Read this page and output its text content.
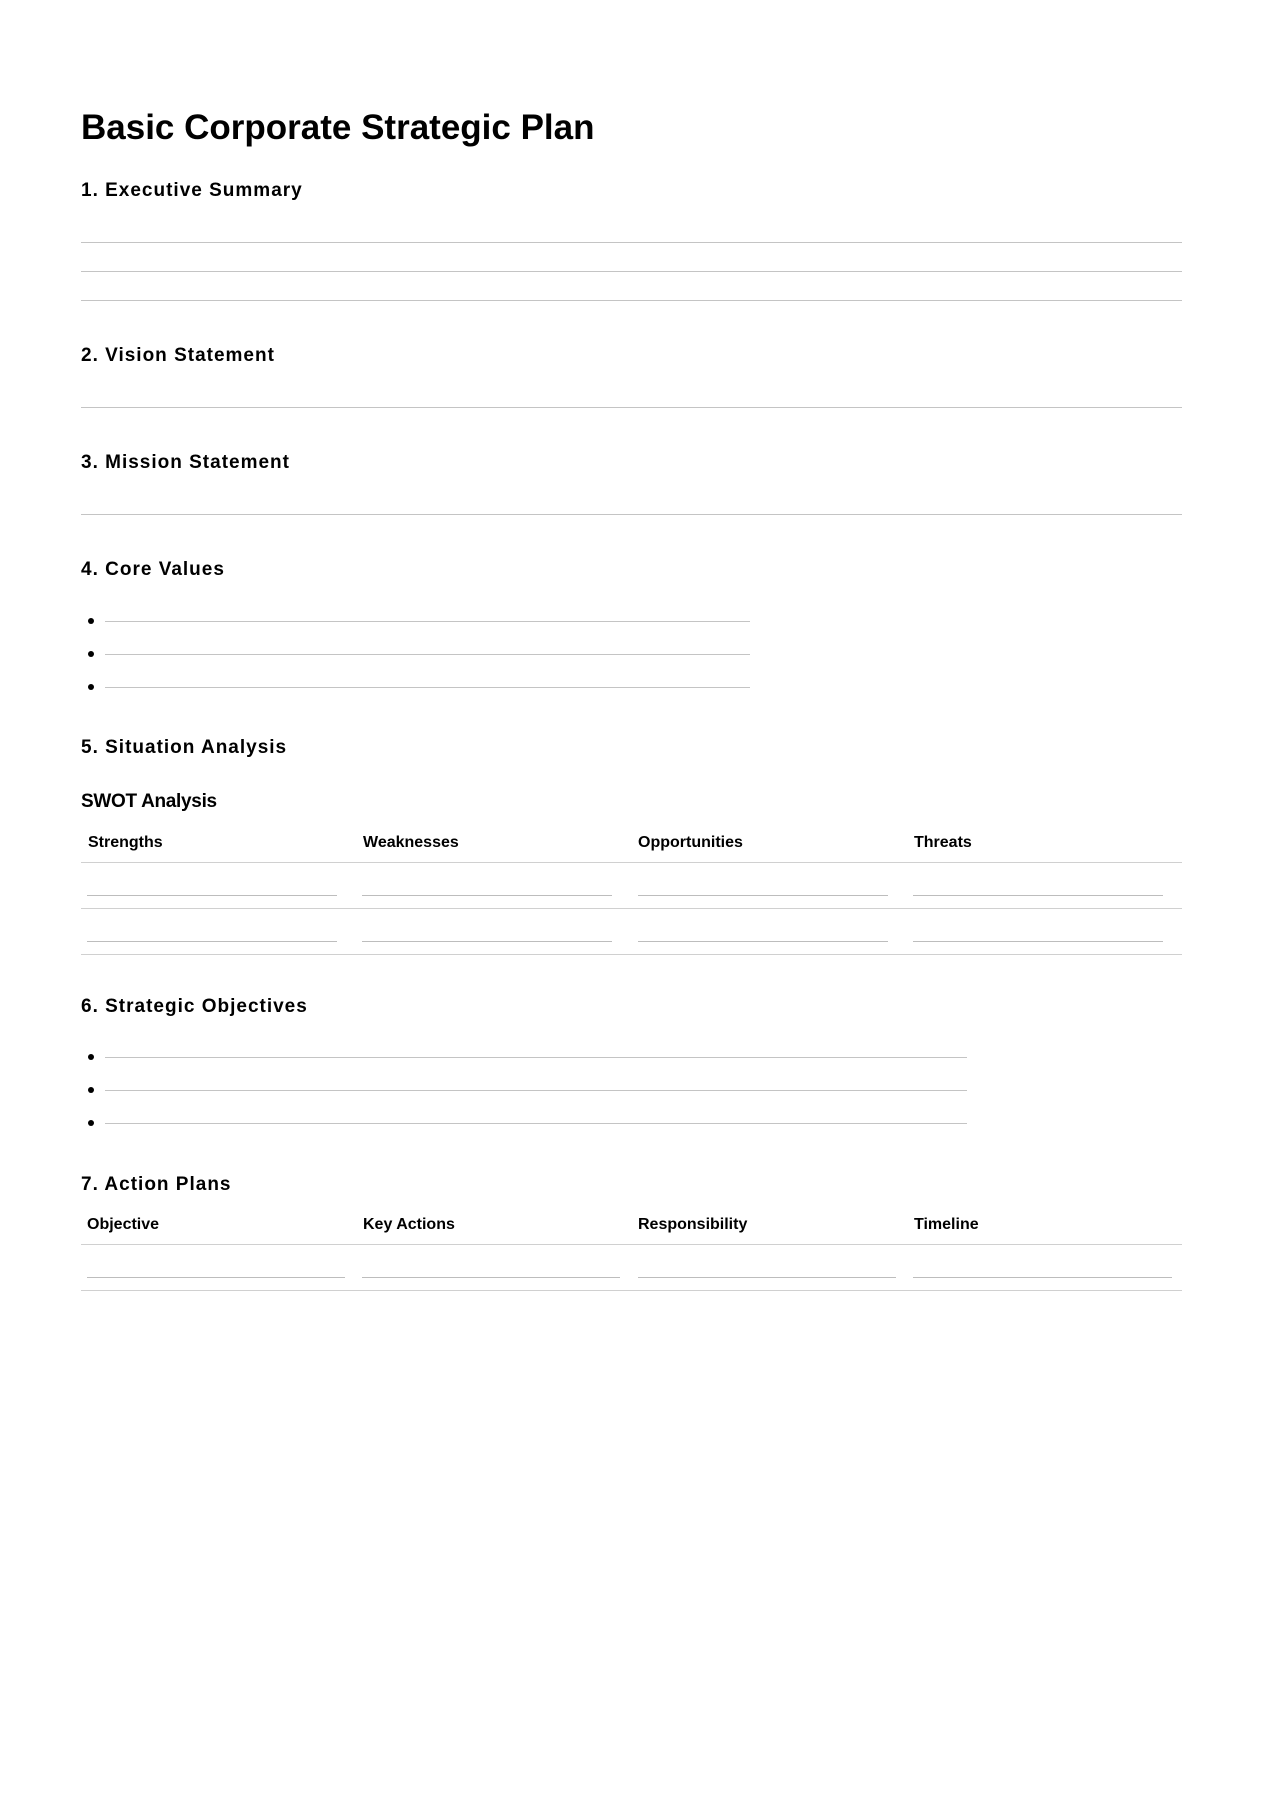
Basic Corporate Strategic Plan
1. Executive Summary
2. Vision Statement
3. Mission Statement
4. Core Values
5. Situation Analysis
SWOT Analysis
Strengths	Weaknesses	Opportunities	Threats
6. Strategic Objectives
7. Action Plans
Objective	Key Actions	Responsibility	Timeline
